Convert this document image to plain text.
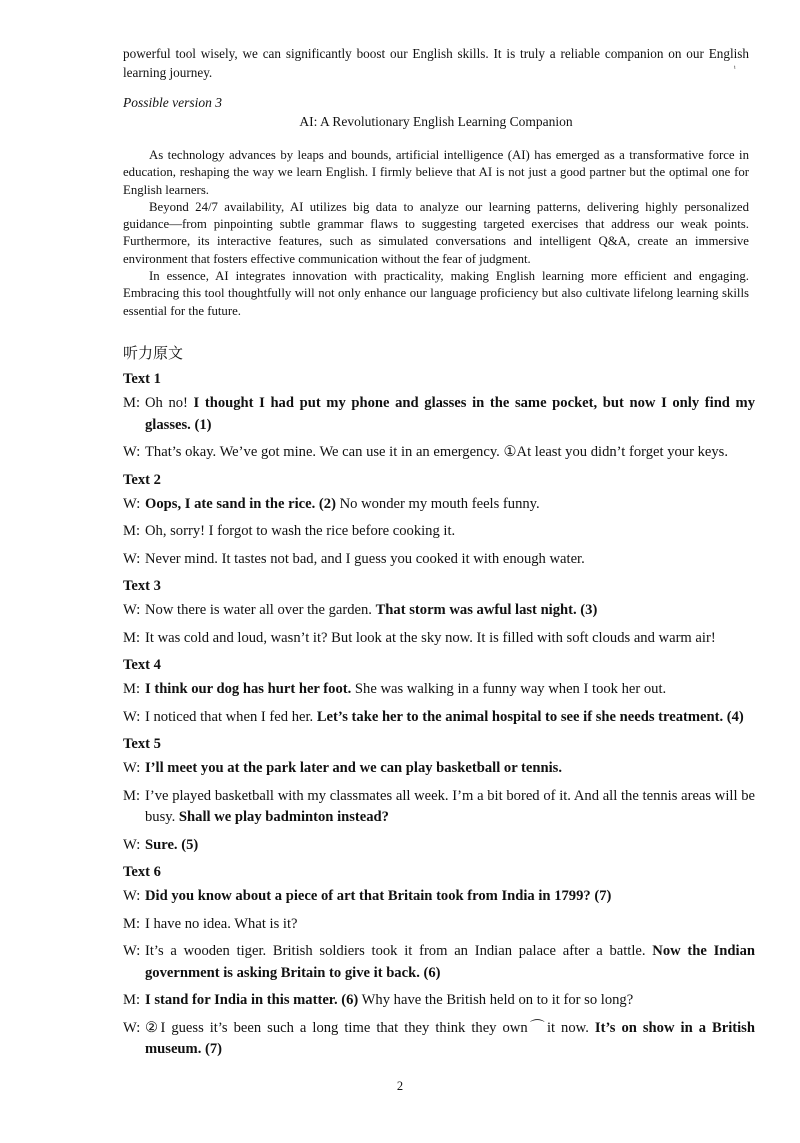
powerful tool wisely, we can significantly boost our English skills. It is truly a reliable companion on our English learning journey.	ⁱ
Possible version 3
AI: A Revolutionary English Learning Companion

As technology advances by leaps and bounds, artificial intelligence (AI) has emerged as a transformative force in education, reshaping the way we learn English. I firmly believe that AI is not just a good partner but the optimal one for English learners.

Beyond 24/7 availability, AI utilizes big data to analyze our learning patterns, delivering highly personalized guidance—from pinpointing subtle grammar flaws to suggesting targeted exercises that address our weak points. Furthermore, its interactive features, such as simulated conversations and intelligent Q&A, create an immersive environment that fosters effective communication without the fear of judgment.

In essence, AI integrates innovation with practicality, making English learning more efficient and engaging. Embracing this tool thoughtfully will not only enhance our language proficiency but also cultivate lifelong learning skills essential for the future.

听力原文
Text 1
M: Oh no! I thought I had put my phone and glasses in the same pocket, but now I only find my glasses. (1)
W: That’s okay. We’ve got mine. We can use it in an emergency. ①At least you didn’t forget your keys.
Text 2
W: Oops, I ate sand in the rice. (2) No wonder my mouth feels funny.
M: Oh, sorry! I forgot to wash the rice before cooking it.
W: Never mind. It tastes not bad, and I guess you cooked it with enough water.
Text 3
W: Now there is water all over the garden. That storm was awful last night. (3)
M: It was cold and loud, wasn’t it? But look at the sky now. It is filled with soft clouds and warm air!
Text 4
M: I think our dog has hurt her foot. She was walking in a funny way when I took her out.
W: I noticed that when I fed her. Let’s take her to the animal hospital to see if she needs treatment. (4)
Text 5
W: I’ll meet you at the park later and we can play basketball or tennis.
M: I’ve played basketball with my classmates all week. I’m a bit bored of it. And all the tennis areas will be busy. Shall we play badminton instead?
W: Sure. (5)
Text 6
W: Did you know about a piece of art that Britain took from India in 1799? (7)
M: I have no idea. What is it?
W: It’s a wooden tiger. British soldiers took it from an Indian palace after a battle. Now the Indian government is asking Britain to give it back. (6)
M: I stand for India in this matter. (6) Why have the British held on to it for so long?
W: ②I guess it’s been such a long time that they think they own⌒it now. It’s on show in a British museum. (7)
2
